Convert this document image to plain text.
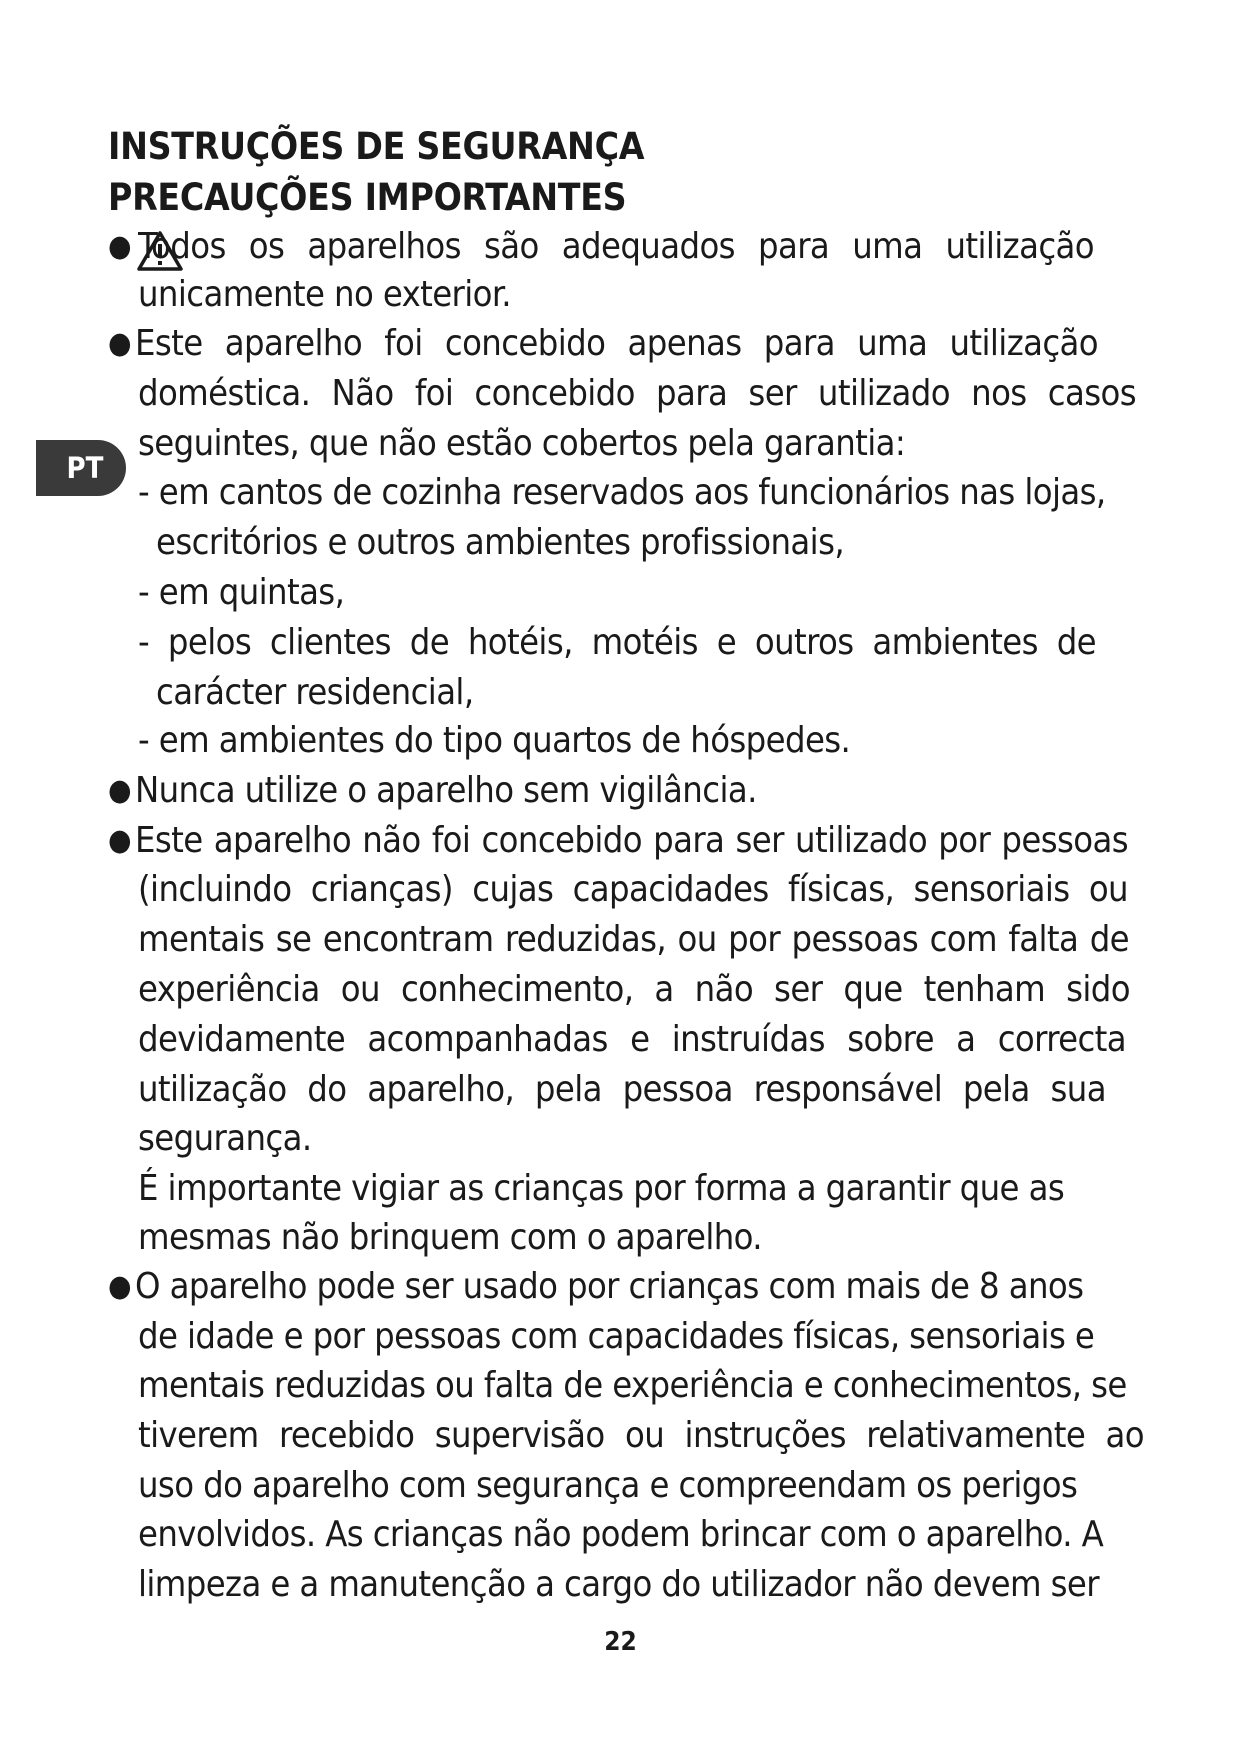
INSTRUÇÕES DE SEGURANÇA
PRECAUÇÕES IMPORTANTES
PT
● Todos os aparelhos são adequados para uma utilização
unicamente no exterior.
● Este aparelho foi concebido apenas para uma utilização
doméstica. Não foi concebido para ser utilizado nos casos
seguintes, que não estão cobertos pela garantia:
- em cantos de cozinha reservados aos funcionários nas lojas,
escritórios e outros ambientes profissionais,
- em quintas,
- pelos clientes de hotéis, motéis e outros ambientes de
carácter residencial,
- em ambientes do tipo quartos de hóspedes.
● Nunca utilize o aparelho sem vigilância.
● Este aparelho não foi concebido para ser utilizado por pessoas
(incluindo crianças) cujas capacidades físicas, sensoriais ou
mentais se encontram reduzidas, ou por pessoas com falta de
experiência ou conhecimento, a não ser que tenham sido
devidamente acompanhadas e instruídas sobre a correcta
utilização do aparelho, pela pessoa responsável pela sua
segurança.
É importante vigiar as crianças por forma a garantir que as
mesmas não brinquem com o aparelho.
● O aparelho pode ser usado por crianças com mais de 8 anos
de idade e por pessoas com capacidades físicas, sensoriais e
mentais reduzidas ou falta de experiência e conhecimentos, se
tiverem recebido supervisão ou instruções relativamente ao
uso do aparelho com segurança e compreendam os perigos
envolvidos. As crianças não podem brincar com o aparelho. A
limpeza e a manutenção a cargo do utilizador não devem ser
22
